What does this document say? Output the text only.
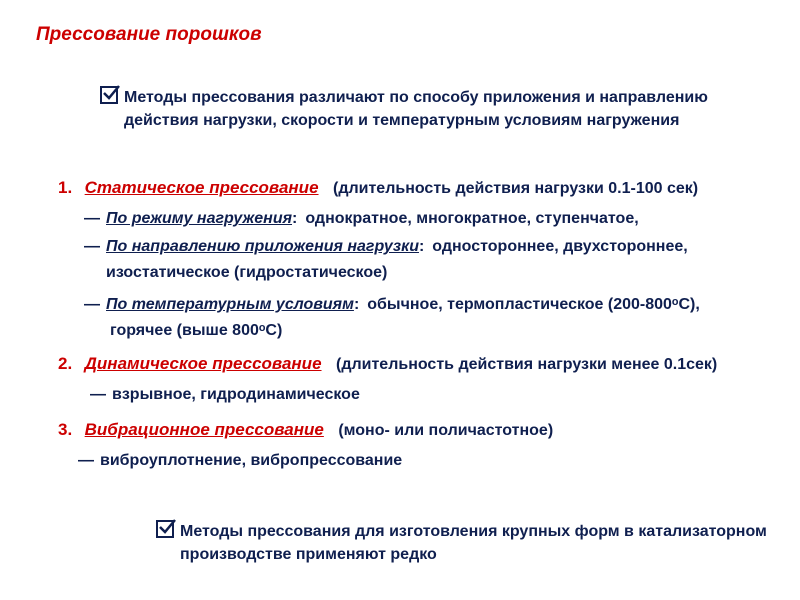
Прессование порошков
Методы прессования различают по способу приложения и направлению
действия нагрузки, скорости и температурным условиям нагружения
1. Статическое прессование (длительность действия нагрузки 0.1-100 сек)
— По режиму нагружения: однократное, многократное, ступенчатое,
— По направлению приложения нагрузки: одностороннее, двухстороннее,
изостатическое (гидростатическое)
— По температурным условиям: обычное, термопластическое (200-800ᵒC),
горячее (выше 800ᵒC)
2. Динамическое прессование (длительность действия нагрузки менее 0.1сек)
— взрывное, гидродинамическое
3. Вибрационное прессование (моно- или поличастотное)
— виброуплотнение, вибропрессование
Методы прессования для изготовления крупных форм в катализаторном
производстве применяют редко
